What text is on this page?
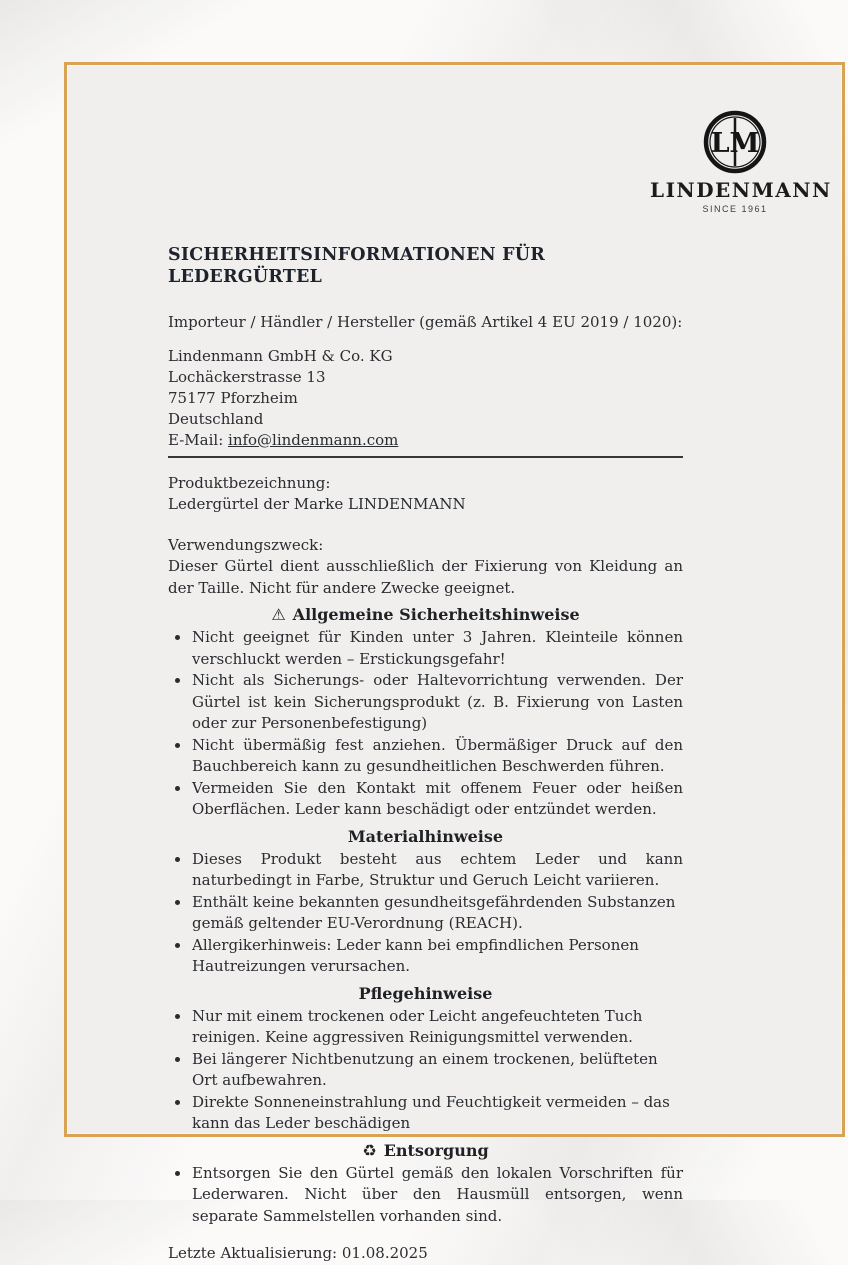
LM
LINDENMANN
SINCE 1961
SICHERHEITSINFORMATIONEN FÜR LEDERGÜRTEL

Importeur / Händler / Hersteller (gemäß Artikel 4 EU 2019 / 1020):

Lindenmann GmbH & Co. KG

Lochäckerstrasse 13

75177 Pforzheim

Deutschland

E-Mail: info@lindenmann.com

Produktbezeichnung:

Ledergürtel der Marke LINDENMANN

Verwendungszweck:

Dieser Gürtel dient ausschließlich der Fixierung von Kleidung an der Taille. Nicht für andere Zwecke geeignet.

⚠ Allgemeine Sicherheitshinweise
• Nicht geeignet für Kinden unter 3 Jahren. Kleinteile können verschluckt werden – Erstickungsgefahr!
• Nicht als Sicherungs- oder Haltevorrichtung verwenden. Der Gürtel ist kein Sicherungsprodukt (z. B. Fixierung von Lasten oder zur Personenbefestigung)
• Nicht übermäßig fest anziehen. Übermäßiger Druck auf den Bauchbereich kann zu gesundheitlichen Beschwerden führen.
• Vermeiden Sie den Kontakt mit offenem Feuer oder heißen Oberflächen. Leder kann beschädigt oder entzündet werden.
Materialhinweise
• Dieses Produkt besteht aus echtem Leder und kann naturbedingt in Farbe, Struktur und Geruch Leicht variieren.
• Enthält keine bekannten gesundheitsgefährdenden Substanzen gemäß geltender EU-Verordnung (REACH).
• Allergikerhinweis: Leder kann bei empfindlichen Personen Hautreizungen verursachen.
Pflegehinweise
• Nur mit einem trockenen oder Leicht angefeuchteten Tuch reinigen. Keine aggressiven Reinigungsmittel verwenden.
• Bei längerer Nichtbenutzung an einem trockenen, belüfteten Ort aufbewahren.
• Direkte Sonneneinstrahlung und Feuchtigkeit vermeiden – das kann das Leder beschädigen
♻ Entsorgung
• Entsorgen Sie den Gürtel gemäß den lokalen Vorschriften für Lederwaren. Nicht über den Hausmüll entsorgen, wenn separate Sammelstellen vorhanden sind.

Letzte Aktualisierung: 01.08.2025
